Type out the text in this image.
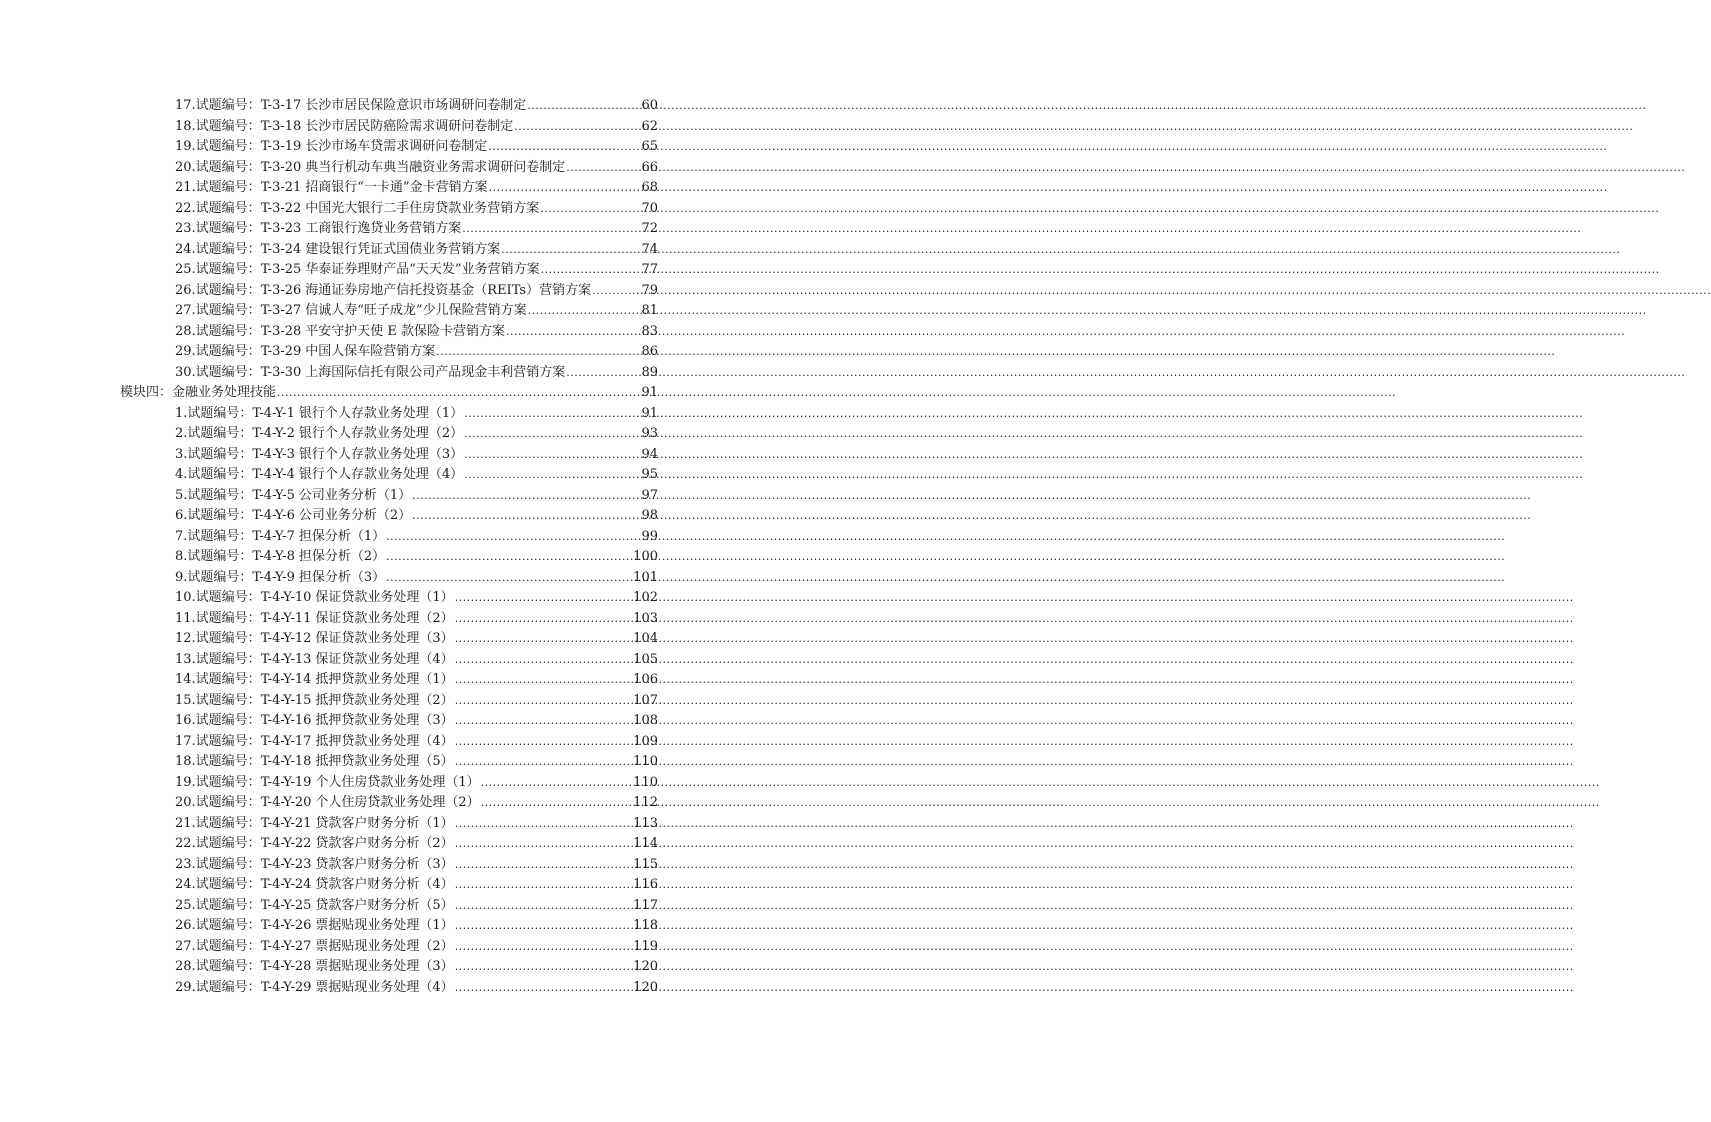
17.试题编号： T-3-17 长沙市居民保险意识市场调研问卷制定 .....	60
18.试题编号： T-3-18 长沙市居民防癌险需求调研问卷制定 .....	62
19.试题编号： T-3-19 长沙市场车贷需求调研问卷制定 .....	65
20.试题编号： T-3-20 典当行机动车典当融资业务需求调研问卷制定 .....	66
21.试题编号： T-3-21 招商银行“一卡通”金卡营销方案 .....	68
22.试题编号： T-3-22 中国光大银行二手住房贷款业务营销方案 .....	70
23.试题编号： T-3-23 工商银行逸贷业务营销方案 .....	72
24.试题编号： T-3-24 建设银行凭证式国债业务营销方案 .....	74
25.试题编号： T-3-25 华泰证券理财产品“天天发”业务营销方案 .....	77
26.试题编号： T-3-26 海通证券房地产信托投资基金（REITs）营销方案 .....	79
27.试题编号： T-3-27 信诚人寿“旺子成龙”少儿保险营销方案 .....	81
28.试题编号： T-3-28 平安守护天使 E 款保险卡营销方案 .....	83
29.试题编号： T-3-29 中国人保车险营销方案 .....	86
30.试题编号： T-3-30 上海国际信托有限公司产品现金丰利营销方案 .....	89
模块四：金融业务处理技能 .....	91
1.试题编号： T-4-Y-1 银行个人存款业务处理（1） .....	91
2.试题编号： T-4-Y-2 银行个人存款业务处理（2） .....	93
3.试题编号： T-4-Y-3 银行个人存款业务处理（3） .....	94
4.试题编号： T-4-Y-4 银行个人存款业务处理（4） .....	95
5.试题编号： T-4-Y-5 公司业务分析（1） .....	97
6.试题编号： T-4-Y-6 公司业务分析（2） .....	98
7.试题编号： T-4-Y-7 担保分析（1） .....	99
8.试题编号： T-4-Y-8 担保分析（2） .....	100
9.试题编号： T-4-Y-9 担保分析（3） .....	101
10.试题编号： T-4-Y-10 保证贷款业务处理（1） .....	102
11.试题编号： T-4-Y-11 保证贷款业务处理（2） .....	103
12.试题编号： T-4-Y-12 保证贷款业务处理（3） .....	104
13.试题编号： T-4-Y-13 保证贷款业务处理（4） .....	105
14.试题编号： T-4-Y-14 抵押贷款业务处理（1） .....	106
15.试题编号： T-4-Y-15 抵押贷款业务处理（2） .....	107
16.试题编号： T-4-Y-16 抵押贷款业务处理（3） .....	108
17.试题编号： T-4-Y-17 抵押贷款业务处理（4） .....	109
18.试题编号： T-4-Y-18 抵押贷款业务处理（5） .....	110
19.试题编号： T-4-Y-19 个人住房贷款业务处理（1） .....	110
20.试题编号： T-4-Y-20 个人住房贷款业务处理（2） .....	112
21.试题编号： T-4-Y-21 贷款客户财务分析（1） .....	113
22.试题编号： T-4-Y-22 贷款客户财务分析（2） .....	114
23.试题编号： T-4-Y-23 贷款客户财务分析（3） .....	115
24.试题编号： T-4-Y-24 贷款客户财务分析（4） .....	116
25.试题编号： T-4-Y-25 贷款客户财务分析（5） .....	117
26.试题编号： T-4-Y-26 票据贴现业务处理（1） .....	118
27.试题编号： T-4-Y-27 票据贴现业务处理（2） .....	119
28.试题编号： T-4-Y-28 票据贴现业务处理（3） .....	120
29.试题编号： T-4-Y-29 票据贴现业务处理（4） .....	120
